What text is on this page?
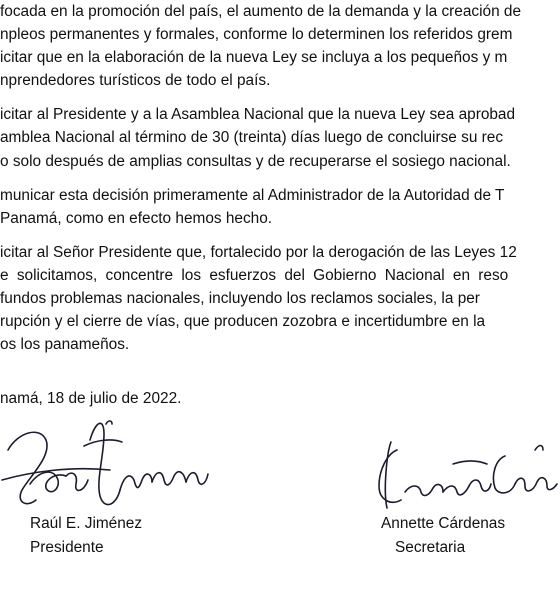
focada en la promoción del país, el aumento de la demanda y la creación de
npleos permanentes y formales, conforme lo determinen los referidos grem
icitar que en la elaboración de la nueva Ley se incluya a los pequeños y m
nprendedores turísticos de todo el país.
icitar al Presidente y a la Asamblea Nacional que la nueva Ley sea aprobad
amblea Nacional al término de 30 (treinta) días luego de concluirse su rec
o solo después de amplias consultas y de recuperarse el sosiego nacional.
municar esta decisión primeramente al Administrador de la Autoridad de T
Panamá, como en efecto hemos hecho.
icitar al Señor Presidente que, fortalecido por la derogación de las Leyes 12
e solicitamos, concentre los esfuerzos del Gobierno Nacional en reso
fundos problemas nacionales, incluyendo los reclamos sociales, la per
rupción y el cierre de vías, que producen zozobra e incertidumbre en la
os los panameños.
namá, 18 de julio de 2022.
Raúl E. Jiménez
Presidente
Annette Cárdenas
Secretaria
